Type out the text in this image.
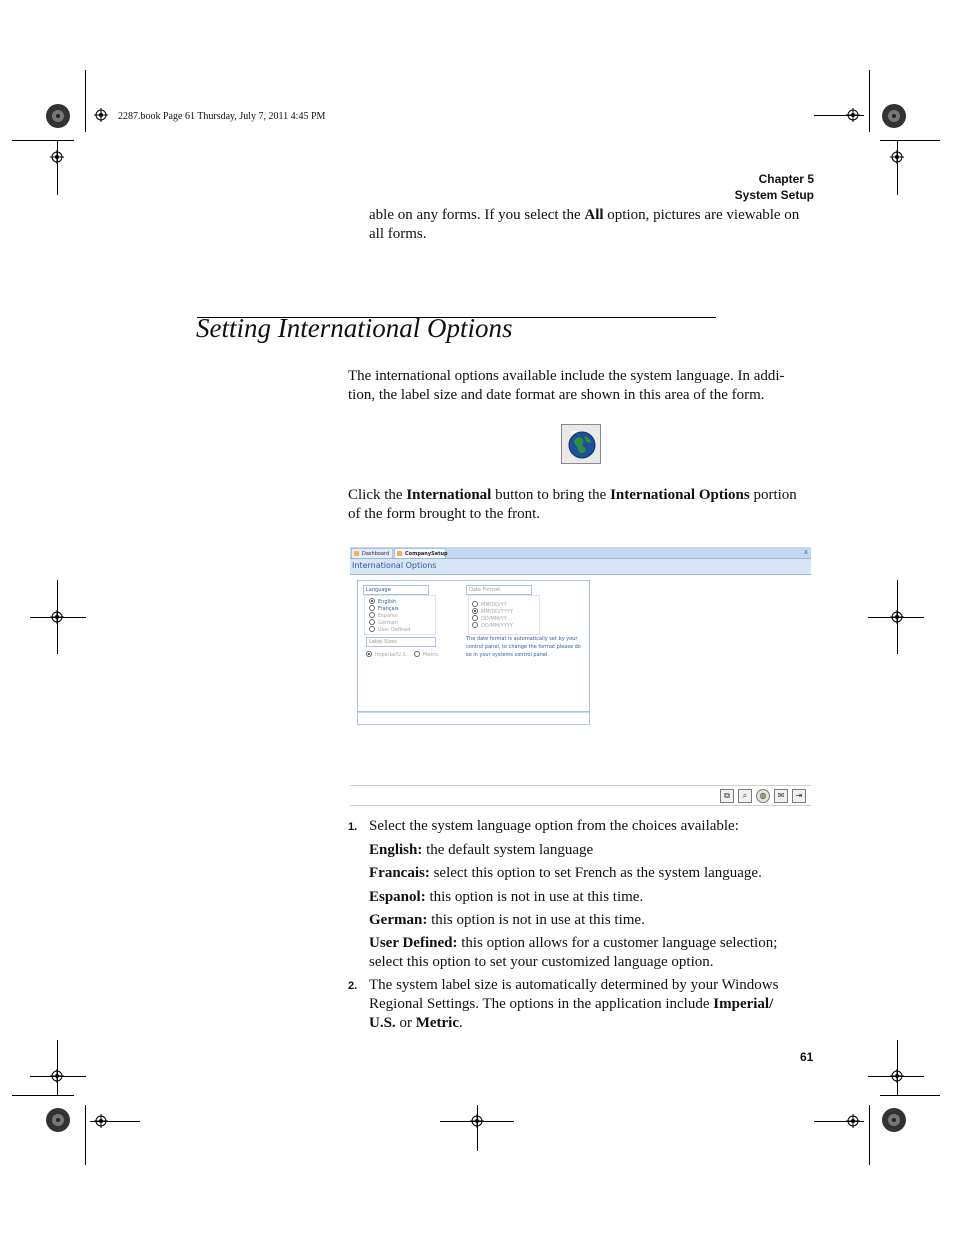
2287.book Page 61 Thursday, July 7, 2011 4:45 PM
Chapter 5
System Setup
able on any forms. If you select the All option, pictures are viewable on
all forms.
Setting International Options
The international options available include the system language. In addi-
tion, the label size and date format are shown in this area of the form.
Click the International button to bring the International Options portion
of the form brought to the front.
Dashboard	CompanySetup	x
International Options
Language
English
Français
Español
German
User Defined
Label Sizes
Imperial/U.S.	Metric
Date Format
MM/DD/YY
MM/DD/YYYY
DD/MM/YY
DD/MM/YYYY
The date format is automatically set by your control panel, to change the format please do so in your systems control panel.
⧉	⌕	◍	✉	⇥
1. Select the system language option from the choices available:
English: the default system language
Francais: select this option to set French as the system language.
Espanol: this option is not in use at this time.
German: this option is not in use at this time.
User Defined: this option allows for a customer language selection;
select this option to set your customized language option.
2. The system label size is automatically determined by your Windows
Regional Settings. The options in the application include Imperial/
U.S. or Metric.
61
